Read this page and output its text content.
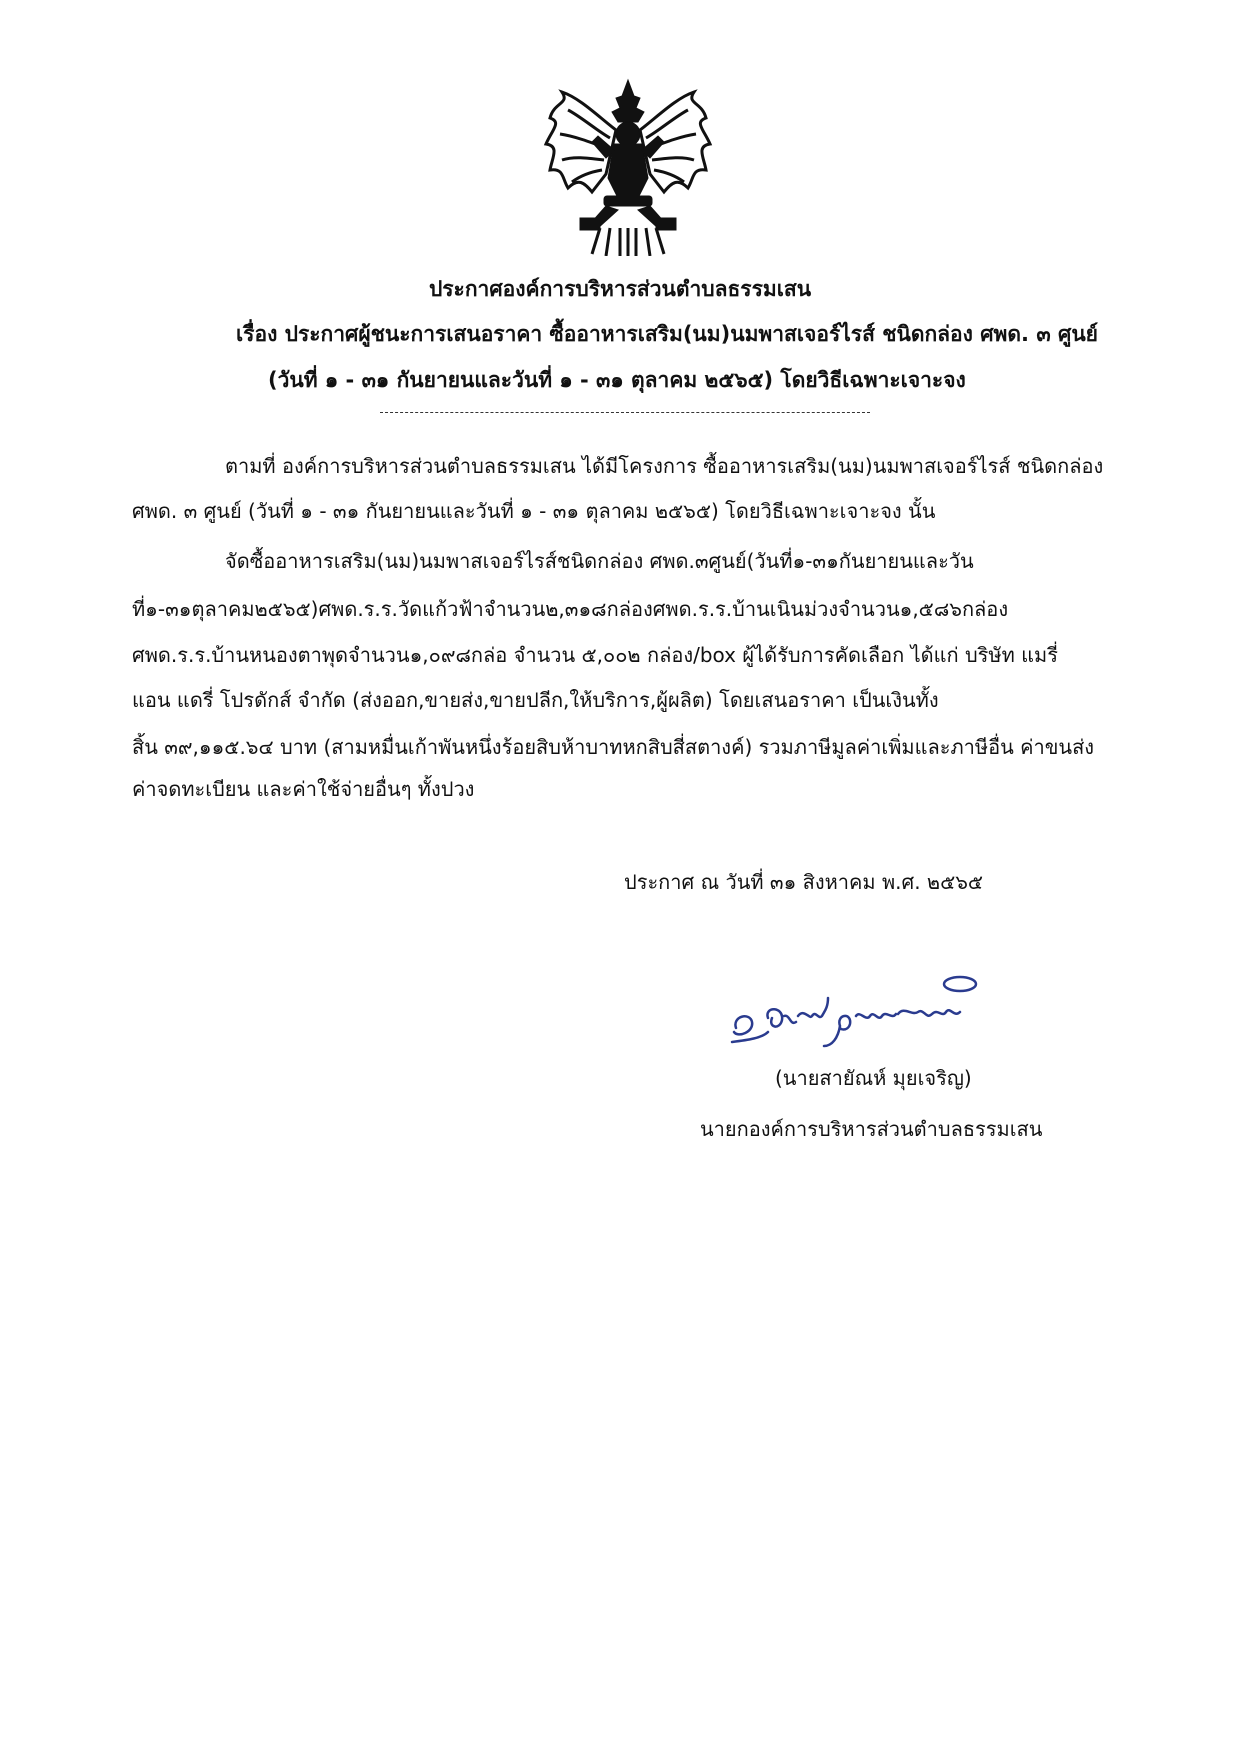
ประกาศองค์การบริหารส่วนตำบลธรรมเสน
เรื่อง ประกาศผู้ชนะการเสนอราคา ซื้ออาหารเสริม(นม)นมพาสเจอร์ไรส์ ชนิดกล่อง ศพด. ๓ ศูนย์
(วันที่ ๑ - ๓๑ กันยายนและวันที่ ๑ - ๓๑ ตุลาคม ๒๕๖๕) โดยวิธีเฉพาะเจาะจง
ตามที่ องค์การบริหารส่วนตำบลธรรมเสน ได้มีโครงการ ซื้ออาหารเสริม(นม)นมพาสเจอร์ไรส์ ชนิดกล่อง
ศพด. ๓ ศูนย์ (วันที่ ๑ - ๓๑ กันยายนและวันที่ ๑ - ๓๑ ตุลาคม ๒๕๖๕) โดยวิธีเฉพาะเจาะจง นั้น
จัดซื้ออาหารเสริม(นม)นมพาสเจอร์ไรส์ชนิดกล่อง ศพด.๓ศูนย์(วันที่๑-๓๑กันยายนและวัน
ที่๑-๓๑ตุลาคม๒๕๖๕)ศพด.ร.ร.วัดแก้วฟ้าจำนวน๒,๓๑๘กล่องศพด.ร.ร.บ้านเนินม่วงจำนวน๑,๕๘๖กล่อง
ศพด.ร.ร.บ้านหนองตาพุดจำนวน๑,๐๙๘กล่อ จำนวน ๕,๐๐๒ กล่อง/box ผู้ได้รับการคัดเลือก ได้แก่ บริษัท แมรี่
แอน แดรี่ โปรดักส์ จำกัด (ส่งออก,ขายส่ง,ขายปลีก,ให้บริการ,ผู้ผลิต) โดยเสนอราคา เป็นเงินทั้ง
สิ้น ๓๙,๑๑๕.๖๔ บาท (สามหมื่นเก้าพันหนึ่งร้อยสิบห้าบาทหกสิบสี่สตางค์) รวมภาษีมูลค่าเพิ่มและภาษีอื่น ค่าขนส่ง
ค่าจดทะเบียน และค่าใช้จ่ายอื่นๆ ทั้งปวง
ประกาศ ณ วันที่ ๓๑ สิงหาคม พ.ศ. ๒๕๖๕
(นายสายัณห์ มุยเจริญ)
นายกองค์การบริหารส่วนตำบลธรรมเสน
